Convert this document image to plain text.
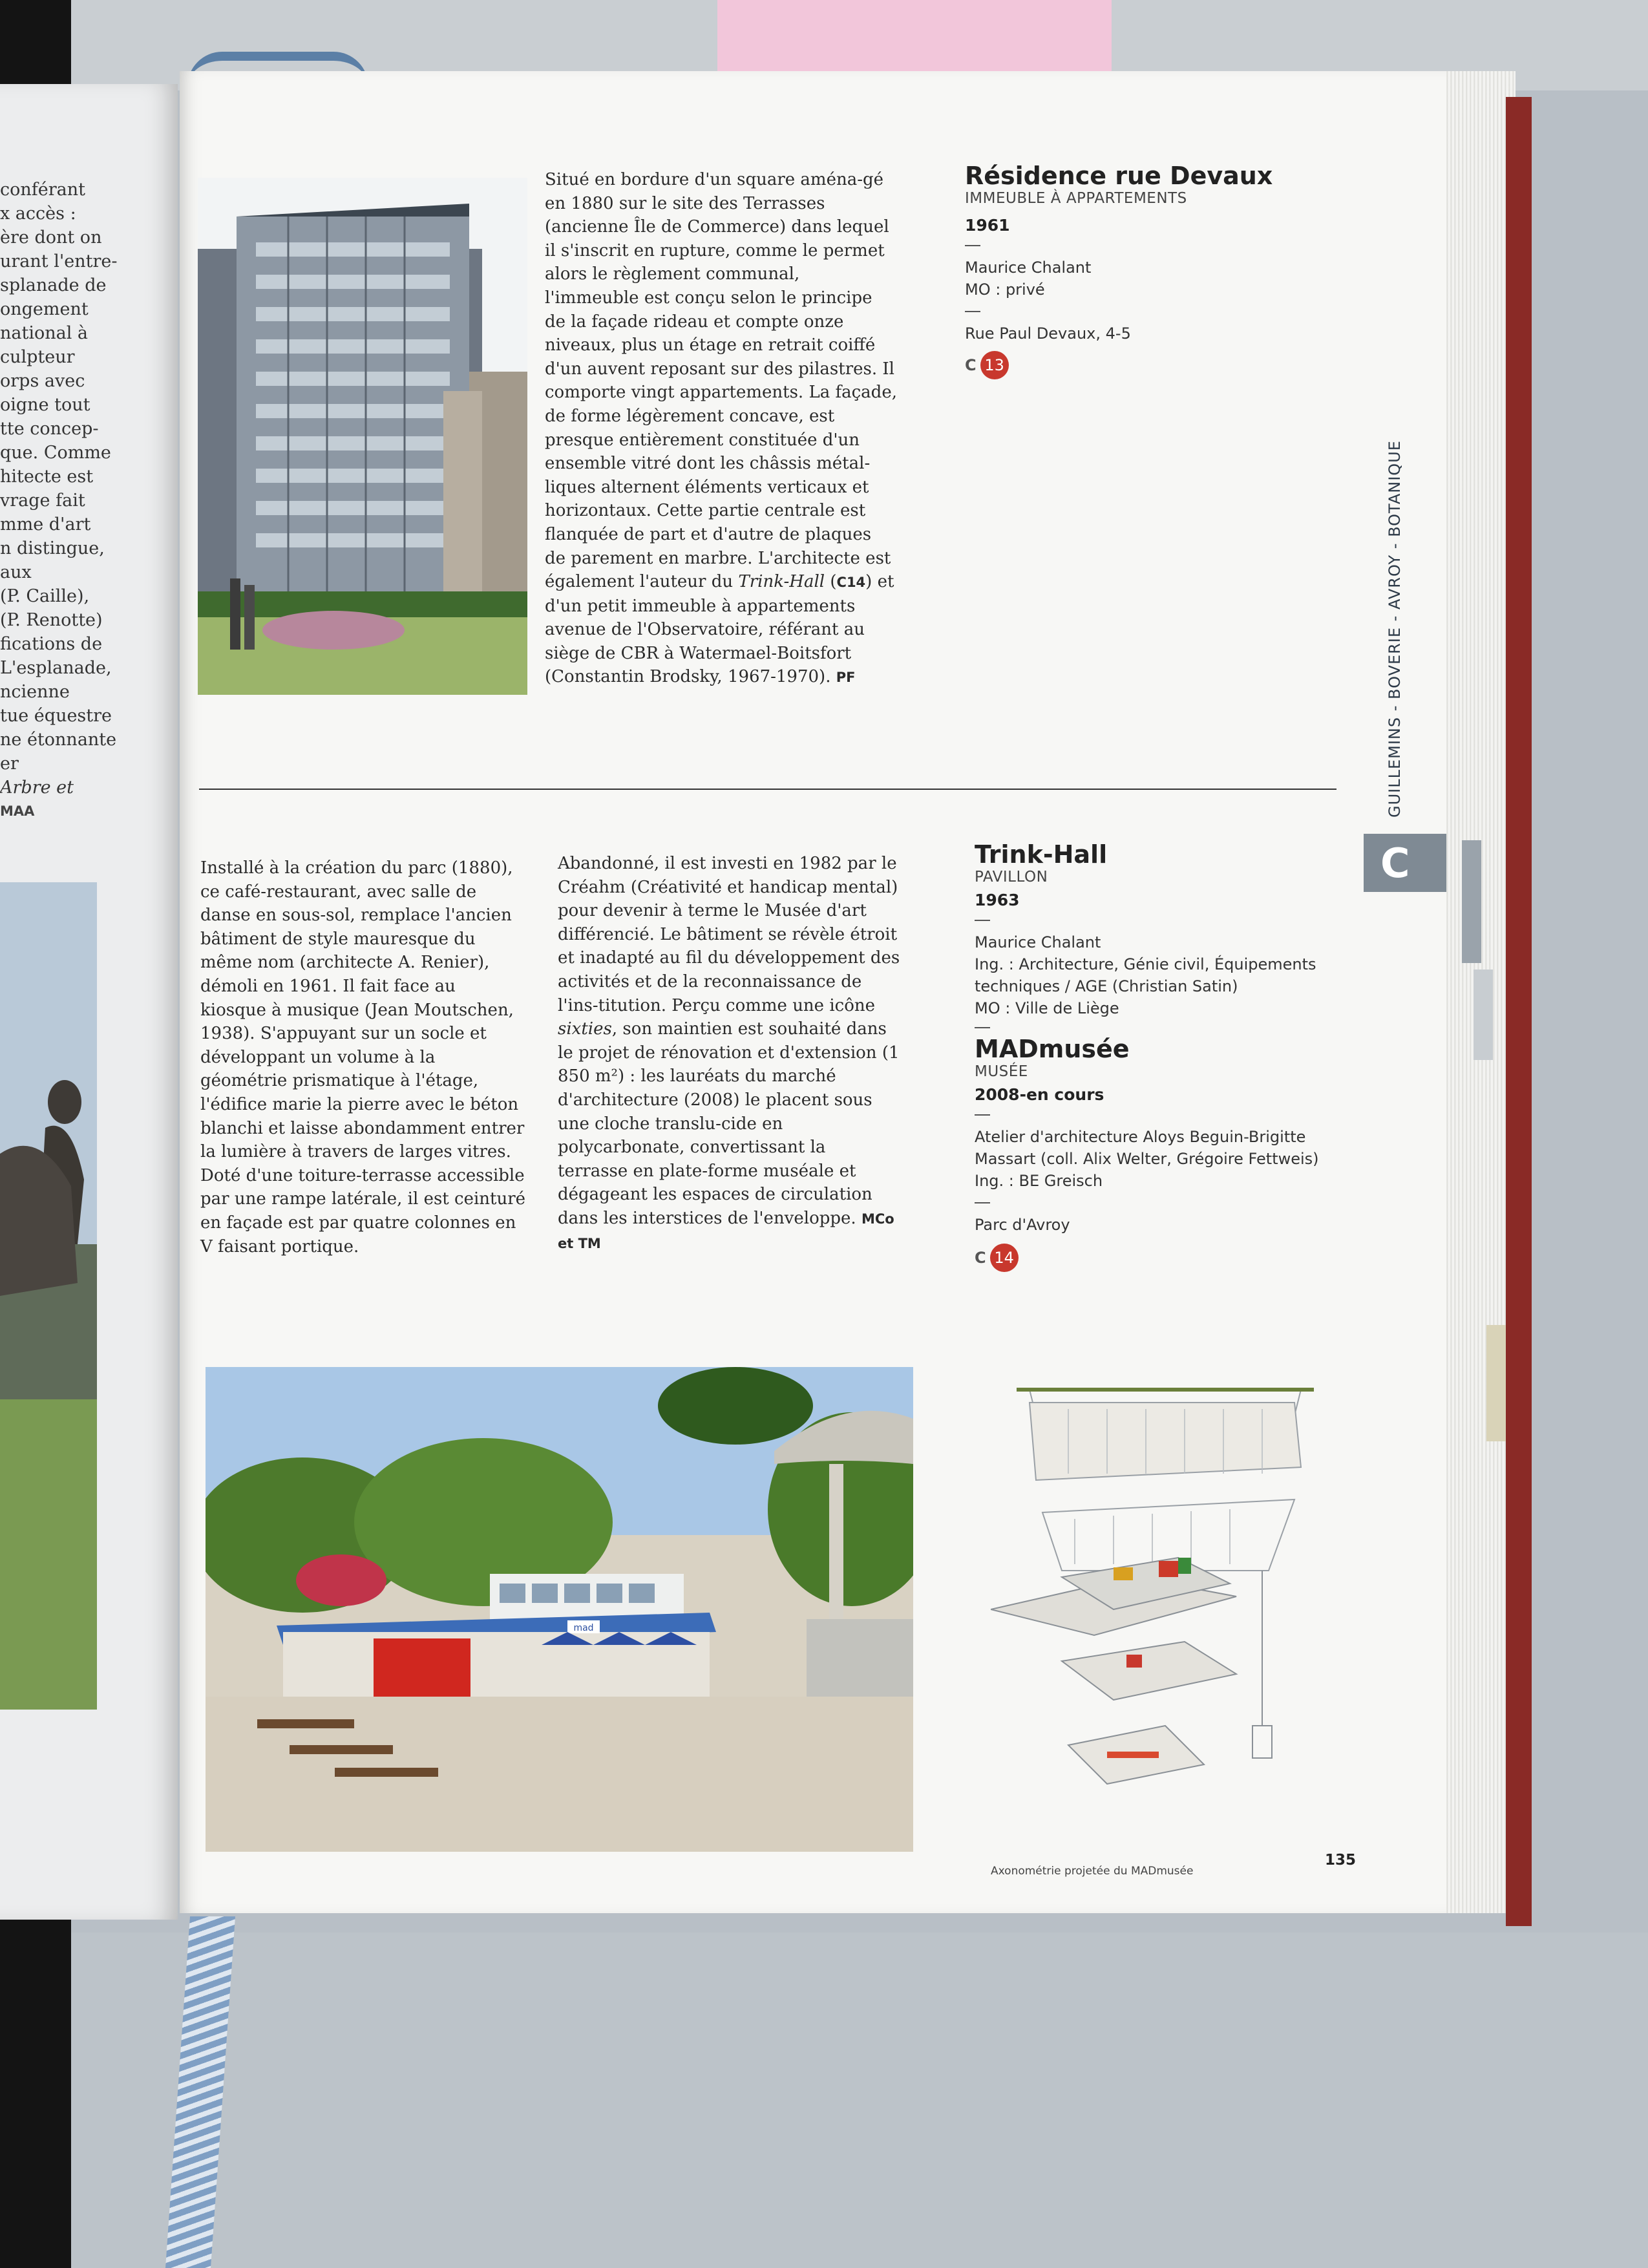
conférant
x accès :
ère dont on
urant l'entre-
splanade de
ongement
national à
culpteur
orps avec
oigne tout
tte concep-
que. Comme
hitecte est
vrage fait
mme d'art
n distingue,
aux
(P. Caille),
(P. Renotte)
fications de
L'esplanade,
ncienne
tue équestre
ne étonnante
er
Arbre et
MAA

Situé en bordure d'un square aména-gé en 1880 sur le site des Terrasses (ancienne Île de Commerce) dans lequel il s'inscrit en rupture, comme le permet alors le règlement communal, l'immeuble est conçu selon le principe de la façade rideau et compte onze niveaux, plus un étage en retrait coiffé d'un auvent reposant sur des pilastres. Il comporte vingt appartements. La façade, de forme légèrement concave, est presque entièrement constituée d'un ensemble vitré dont les châssis métal-liques alternent éléments verticaux et horizontaux. Cette partie centrale est flanquée de part et d'autre de plaques de parement en marbre. L'architecte est également l'auteur du Trink-Hall (C14) et d'un petit immeuble à appartements avenue de l'Observatoire, référant au siège de CBR à Watermael-Boitsfort (Constantin Brodsky, 1967-1970). PF

Résidence rue Devaux
IMMEUBLE À APPARTEMENTS
1961
Maurice Chalant
MO : privé
Rue Paul Devaux, 4-5
C 13

Installé à la création du parc (1880), ce café-restaurant, avec salle de danse en sous-sol, remplace l'ancien bâtiment de style mauresque du même nom (architecte A. Renier), démoli en 1961. Il fait face au kiosque à musique (Jean Moutschen, 1938). S'appuyant sur un socle et développant un volume à la géométrie prismatique à l'étage, l'édifice marie la pierre avec le béton blanchi et laisse abondamment entrer la lumière à travers de larges vitres. Doté d'une toiture-terrasse accessible par une rampe latérale, il est ceinturé en façade est par quatre colonnes en V faisant portique.

Abandonné, il est investi en 1982 par le Créahm (Créativité et handicap mental) pour devenir à terme le Musée d'art différencié. Le bâtiment se révèle étroit et inadapté au fil du développement des activités et de la reconnaissance de l'ins-titution. Perçu comme une icône sixties, son maintien est souhaité dans le projet de rénovation et d'extension (1 850 m²) : les lauréats du marché d'architecture (2008) le placent sous une cloche translu-cide en polycarbonate, convertissant la terrasse en plate-forme muséale et dégageant les espaces de circulation dans les interstices de l'enveloppe. MCo et TM

Trink-Hall
PAVILLON
1963
Maurice Chalant
Ing. : Architecture, Génie civil, Équipements techniques / AGE (Christian Satin)
MO : Ville de Liège
MADmusée
MUSÉE
2008-en cours
Atelier d'architecture Aloys Beguin-Brigitte Massart (coll. Alix Welter, Grégoire Fettweis)
Ing. : BE Greisch
Parc d'Avroy
C 14
GUILLEMINS - BOVERIE - AVROY - BOTANIQUE
C
mad
Axonométrie projetée du MADmusée
135
